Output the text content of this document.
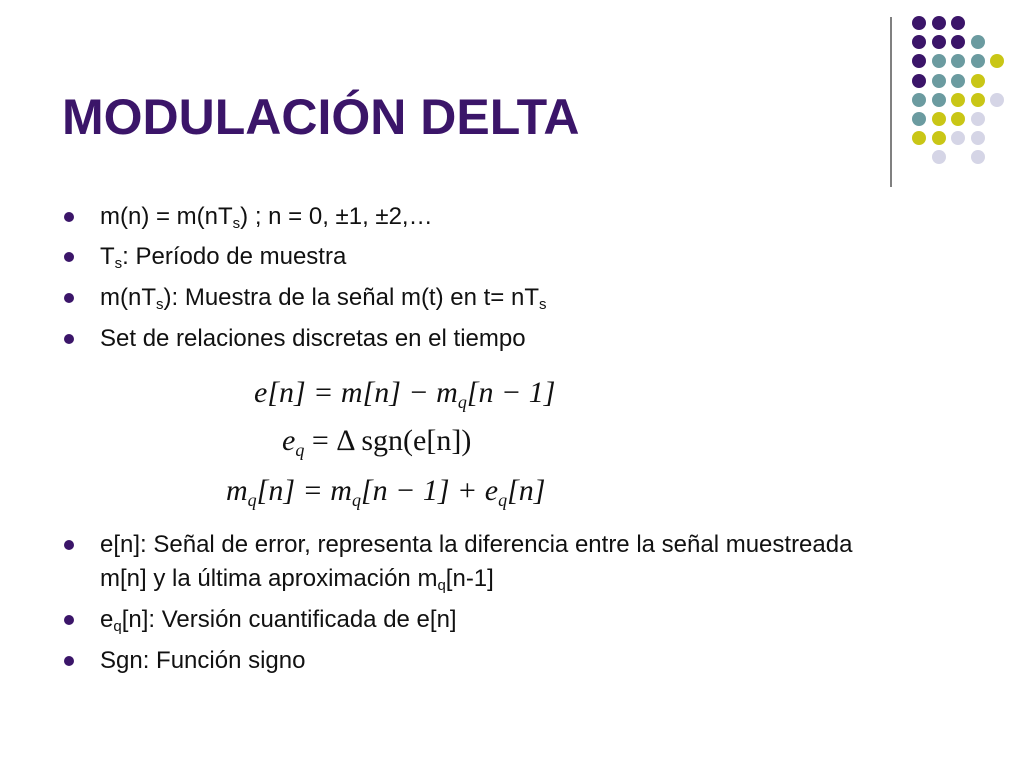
MODULACIÓN DELTA
$m(n) = m(nT_s)$ ; n = 0, ±1, ±2,…
$T_s$: Período de muestra
$m(nT_s)$: Muestra de la señal m(t) en $t= nT_s$
Set de relaciones discretas en el tiempo
e[n]: Señal de error, representa la diferencia entre la señal muestreada m[n] y la última aproximación $m_q[n-1]$
$e_q[n]$: Versión cuantificada de e[n]
Sgn: Función signo
$e[n] = m[n] - m_q[n - 1]$
$e_q = \Delta$ sgn(e[n])
$m_q[n] = m_q[n - 1] + e_q[n]$
